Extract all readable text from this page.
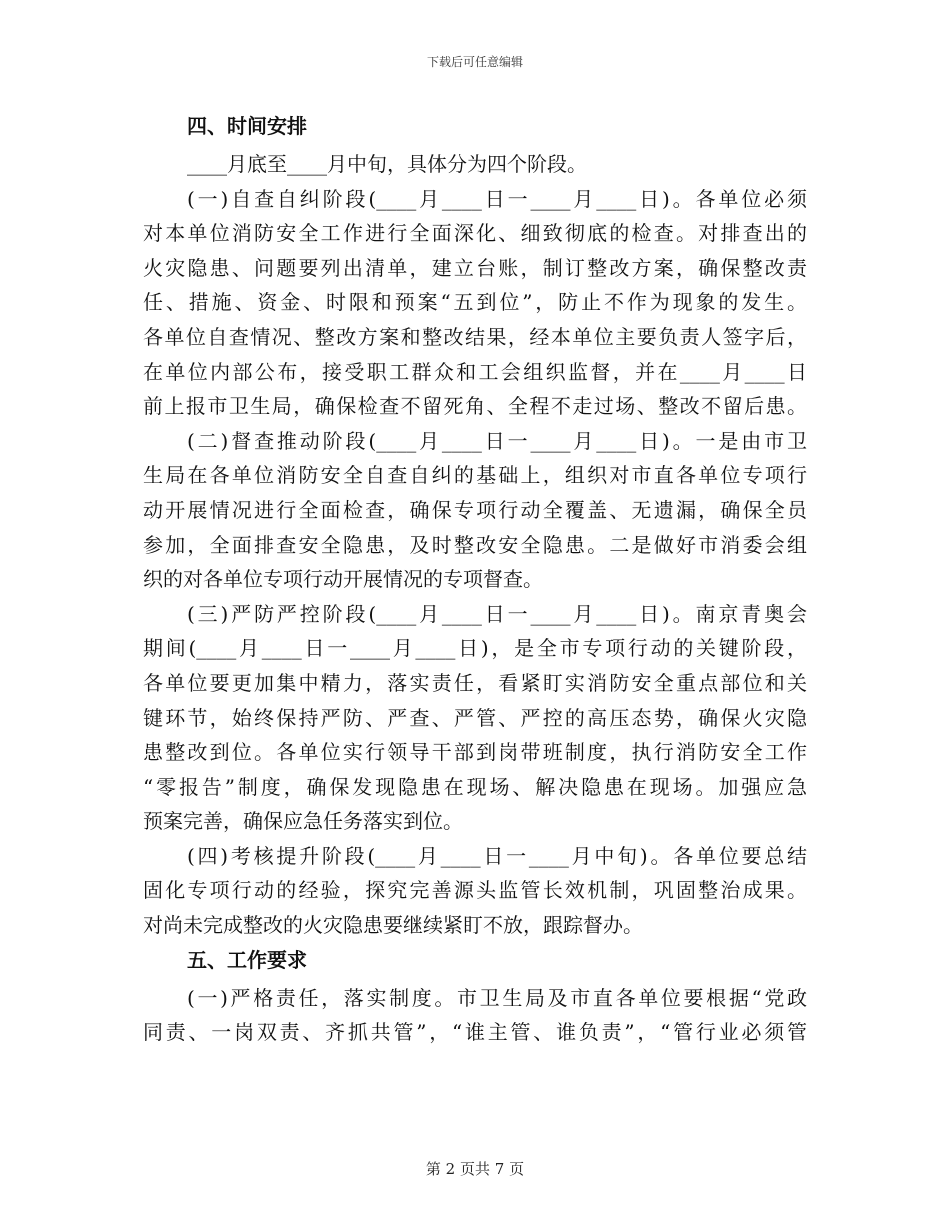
下载后可任意编辑
四、时间安排
____月底至____月中旬，具体分为四个阶段。
(一)自查自纠阶段(____月____日一____月____日)。各单位必须
对本单位消防安全工作进行全面深化、细致彻底的检查。对排查出的
火灾隐患、问题要列出清单，建立台账，制订整改方案，确保整改责
任、措施、资金、时限和预案“五到位”，防止不作为现象的发生。
各单位自查情况、整改方案和整改结果，经本单位主要负责人签字后，
在单位内部公布，接受职工群众和工会组织监督，并在____月____日
前上报市卫生局，确保检查不留死角、全程不走过场、整改不留后患。
(二)督查推动阶段(____月____日一____月____日)。一是由市卫
生局在各单位消防安全自查自纠的基础上，组织对市直各单位专项行
动开展情况进行全面检查，确保专项行动全覆盖、无遗漏，确保全员
参加，全面排查安全隐患，及时整改安全隐患。二是做好市消委会组
织的对各单位专项行动开展情况的专项督查。
(三)严防严控阶段(____月____日一____月____日)。南京青奥会
期间(____月____日一____月____日)，是全市专项行动的关键阶段，
各单位要更加集中精力，落实责任，看紧盯实消防安全重点部位和关
键环节，始终保持严防、严查、严管、严控的高压态势，确保火灾隐
患整改到位。各单位实行领导干部到岗带班制度，执行消防安全工作
“零报告”制度，确保发现隐患在现场、解决隐患在现场。加强应急
预案完善，确保应急任务落实到位。
(四)考核提升阶段(____月____日一____月中旬)。各单位要总结
固化专项行动的经验，探究完善源头监管长效机制，巩固整治成果。
对尚未完成整改的火灾隐患要继续紧盯不放，跟踪督办。
五、工作要求
(一)严格责任，落实制度。市卫生局及市直各单位要根据“党政
同责、一岗双责、齐抓共管”，“谁主管、谁负责”，“管行业必须管
第 2 页共 7 页
